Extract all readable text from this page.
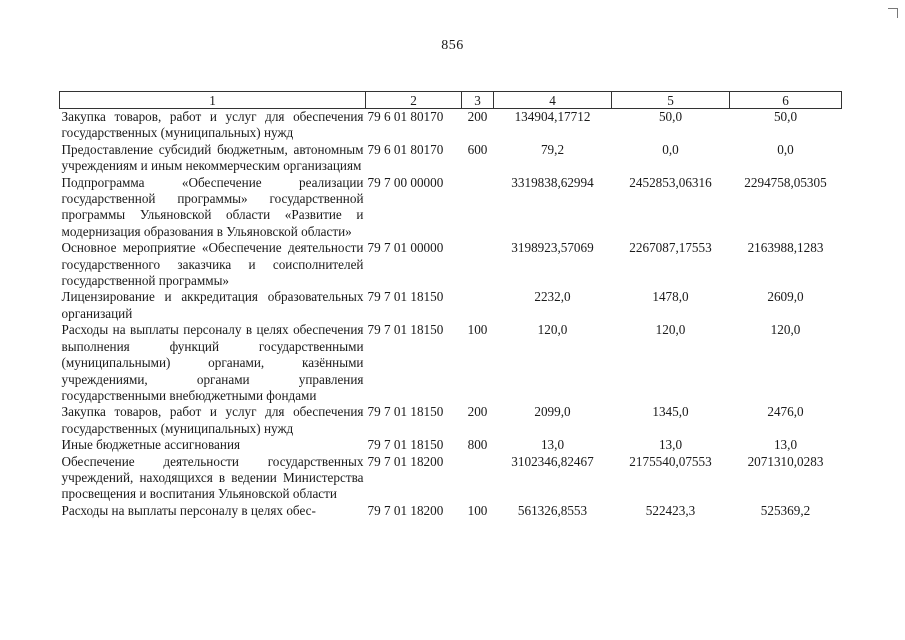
856
1	2	3	4	5	6
Закупка товаров, работ и услуг для обеспечения государственных (муниципальных) нужд	79 6 01 80170	200	134904,17712	50,0	50,0
Предоставление субсидий бюджетным, автономным учреждениям и иным некоммерческим организациям	79 6 01 80170	600	79,2	0,0	0,0
Подпрограмма «Обеспечение реализации государственной программы» государственной программы Ульяновской области «Развитие и модернизация образования в Ульяновской области»	79 7 00 00000		3319838,62994	2452853,06316	2294758,05305
Основное мероприятие «Обеспечение деятельности государственного заказчика и соисполнителей государственной программы»	79 7 01 00000		3198923,57069	2267087,17553	2163988,1283
Лицензирование и аккредитация образовательных организаций	79 7 01 18150		2232,0	1478,0	2609,0
Расходы на выплаты персоналу в целях обеспечения выполнения функций государственными (муниципальными) органами, казёнными учреждениями, органами управления государственными внебюджетными фондами	79 7 01 18150	100	120,0	120,0	120,0
Закупка товаров, работ и услуг для обеспечения государственных (муниципальных) нужд	79 7 01 18150	200	2099,0	1345,0	2476,0
Иные бюджетные ассигнования	79 7 01 18150	800	13,0	13,0	13,0
Обеспечение деятельности государственных учреждений, находящихся в ведении Министерства просвещения и воспитания Ульяновской области	79 7 01 18200		3102346,82467	2175540,07553	2071310,0283
Расходы на выплаты персоналу в целях обес-	79 7 01 18200	100	561326,8553	522423,3	525369,2
